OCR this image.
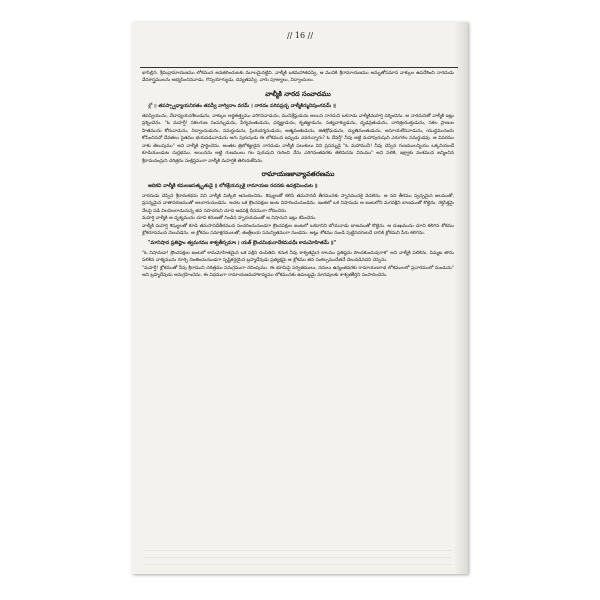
// 16 //

భాసిల్లిన. శ్రీమద్రామాయణము లోకమున అవతరించుటకు మూలమైనట్టివి. వాల్మీకి ఒకమహాతపస్వి, ఆ మునికి శ్రీరామాయణము అమృతోపమాన వాక్కుల ఉపదేశించి నారదుడు వేదశాస్త్రములను అభ్యసించినవాడు, గొప్పయోగ్యుడు, దివ్యతపస్వి. వారు పూజ్యులు, విద్వాంసులు.

వాల్మీకి నారద సంవాదము
శ్లో ॥ తపస్స్వాధ్యాయనిరతం తపస్వీ వాగ్విదాం వరమ్ । నారదం పరిపప్రచ్ఛ వాల్మీకిర్మునిపుంగవమ్ ॥

తపస్వియును, వేదాధ్యయనశీలుడును, వాక్కుల అర్థతత్త్వము ఎరిగినవాడును, మునిశ్రేష్ఠుడును అయిన నారదుని ఒకనాడు వాల్మీకిమహర్షి దర్శించెను. ఆ నారదునితో వాల్మీకి ఇట్లు ప్రశ్నించెను. "ఓ మహర్షీ! సకలగుణ సంపన్నుడును, వీర్యవంతుడును, ధర్మజ్ఞుడును, కృతజ్ఞుడును, సత్యవాక్యుడును, దృఢవ్రతుడును, చారిత్రయుక్తుడును, సకల ప్రాణుల హితమును కోరువాడును, విద్వాంసుడును, సమర్థుడును, ప్రియదర్శనుడును, ఆత్మవంతుడును, జితక్రోధుడును, ద్యుతిమంతుడును, అసూయలేనివాడును, యుద్ధమునందు కోపించినచో దేవతలు సైతము భయపడువాడును అగు పురుషుడు ఈ లోకమున ఇప్పుడు ఎవరున్నారు? ఓ దేవర్షీ! నీవు అట్టి మహాపురుషుని ఎరుగగల సమర్థుడవు. ఆ వివరము నాకు తెలుపుము" అని వాల్మీకి ప్రార్థించెను. అంతట త్రిలోకజ్ఞుడైన నారదుడు వాల్మీకి పలుకులు విని ప్రసన్నుడై "ఓ మహామునీ! నీవు చెప్పిన గుణములన్నియు ఒక్కనియందే కూడియుండుట దుర్లభము. అయినను అట్టి గుణములు గల పురుషుని గురించి నేను ఎరిగినంతవరకు తెలిపెదను వినుము" అని పలికి, ఇక్ష్వాకు వంశమున జన్మించిన శ్రీరామచంద్రుని చరిత్రను సంక్షిప్తముగా వాల్మీకి మహర్షికి తెలియజేసెను.

రామాయణకావ్యావతరణము
ఆదికవి వాల్మీకి కమలజసత్కృతుడై ॥ లోకశ్రేయస్సుకై రామాయణ రచనకు ఉపక్రమించుట ॥

నారదుడు చెప్పిన శ్రీరామకథను విని వాల్మీకి మిక్కిలి ఆనందించెను. శిష్యులతో కలిసి తమసానదీ తీరమునకు స్నానమునకై వెడలెను. ఆ నది తీరము స్వచ్ఛమైన జలముతో, ప్రసన్నమైన వాతావరణముతో అలరారుచుండెను. అచట ఒక క్రౌంచపక్షుల జంట విహరించుచుండెను. ఇంతలో ఒక నిషాదుడు ఆ జంటలోని మగపక్షిని బాణముతో కొట్టెను. రక్తసిక్తమై నేలపై పడి విలవిలలాడుచున్న తన సహచరుని చూచి ఆడపక్షి దీనముగా రోదించెను.

మహర్షి వాల్మీకి ఆ దృశ్యమును చూచి కరుణతో నిండిన హృదయముతో ఆ నిషాదుని ఇట్లు శపించెను.

వాల్మీకి మహర్షి శిష్యులతో కూడి తమసానదీతీరమున సంచరించుచుండగా క్రౌంచపక్షుల జంటలో ఒకదానిని బోయవాడు బాణముతో కొట్టెను. ఆ దుఃఖమును చూచి కలిగిన శోకము శ్లోకరూపమున వెలువడెను. ఆ శ్లోకము సమాక్షరములతో, తంత్రీలయ సమన్వితముగా నుండెను. అట్లు శోకము నుండి పుట్టినదగుటచే దానికి శ్లోకమని పేరు కలిగెను.

"మానిషాద ప్రతిష్ఠాం త్వమగమః శాశ్వతీస్సమాః । యత్ క్రౌంచమిథునాదేకమవధీః కామమోహితమ్ ॥"

"ఓ నిషాదుడా! క్రౌంచపక్షుల జంటలో కామమోహితమైన ఒక పక్షిని చంపితివి. కనుక నీవు శాశ్వతమైన కాలము ప్రతిష్ఠను పొందకుందువుగాక" అని వాల్మీకి పలికెను. పిమ్మట తాను పలికిన వాక్యమును గూర్చి చింతించుచుండగా సృష్టికర్తయైన బ్రహ్మదేవుడు ప్రత్యక్షమై ఆ శ్లోకము తన సంకల్పముచేతనే వెలువడినదని చెప్పెను.

"మహర్షీ! శ్లోకముతో నీవు శ్రీరాముని చరిత్రము సమగ్రముగా రచింపుము. ఈ భూమిపై పర్వతములు, నదులు ఉన్నంతవరకు రామాయణగాథ లోకములలో ప్రచారములో నుండును" అని బ్రహ్మదేవుడు అనుగ్రహించెను. ఈ విధముగా రామాయణమహాకావ్యము లోకమునకు ఉపలబ్ధమై మానవులకు శాశ్వతకీర్తిని సంపాదించెను.
